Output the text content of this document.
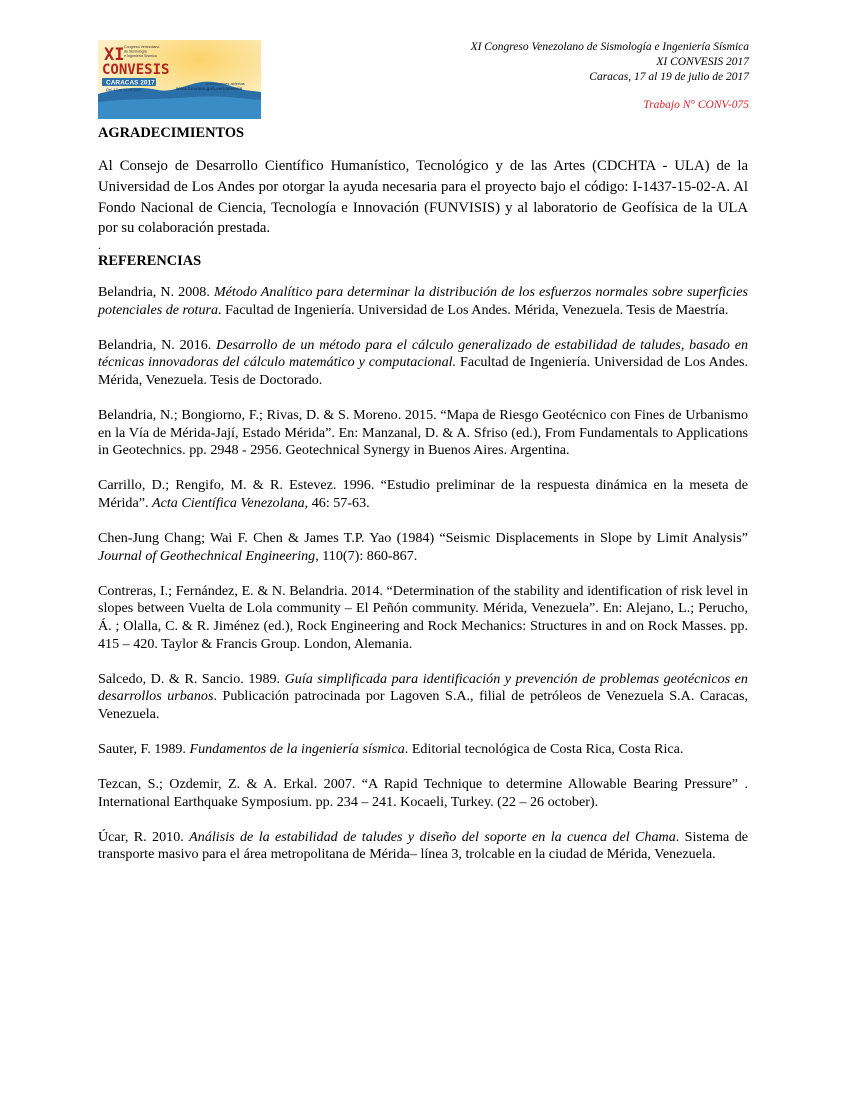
XI
CONVESIS
Congreso Venezolano
de Sismología
e Ingeniería Sísmica
CARACAS 2017
Del 17 al 19 de julio
Inscripciones abiertas
www.funvisis.gob.ve/convesis
XI Congreso Venezolano de Sismología e Ingeniería Sísmica
XI CONVESIS 2017
Caracas, 17 al 19 de julio de 2017
Trabajo N° CONV-075
AGRADECIMIENTOS

Al Consejo de Desarrollo Científico Humanístico, Tecnológico y de las Artes (CDCHTA - ULA) de la Universidad de Los Andes por otorgar la ayuda necesaria para el proyecto bajo el código: I-1437-15-02-A. Al Fondo Nacional de Ciencia, Tecnología e Innovación (FUNVISIS) y al laboratorio de Geofísica de la ULA por su colaboración prestada.

.
REFERENCIAS

Belandria, N. 2008. Método Analítico para determinar la distribución de los esfuerzos normales sobre superficies potenciales de rotura. Facultad de Ingeniería. Universidad de Los Andes. Mérida, Venezuela. Tesis de Maestría.

Belandria, N. 2016. Desarrollo de un método para el cálculo generalizado de estabilidad de taludes, basado en técnicas innovadoras del cálculo matemático y computacional. Facultad de Ingeniería. Universidad de Los Andes. Mérida, Venezuela. Tesis de Doctorado.

Belandria, N.; Bongiorno, F.; Rivas, D. & S. Moreno. 2015. “Mapa de Riesgo Geotécnico con Fines de Urbanismo en la Vía de Mérida-Jají, Estado Mérida”. En: Manzanal, D. & A. Sfriso (ed.), From Fundamentals to Applications in Geotechnics. pp. 2948 - 2956. Geotechnical Synergy in Buenos Aires. Argentina.

Carrillo, D.; Rengifo, M. & R. Estevez. 1996. “Estudio preliminar de la respuesta dinámica en la meseta de Mérida”. Acta Científica Venezolana, 46: 57-63.

Chen-Jung Chang; Wai F. Chen & James T.P. Yao (1984) “Seismic Displacements in Slope by Limit Analysis” Journal of Geothechnical Engineering, 110(7): 860-867.

Contreras, I.; Fernández, E. & N. Belandria. 2014. “Determination of the stability and identification of risk level in slopes between Vuelta de Lola community – El Peñón community. Mérida, Venezuela”. En: Alejano, L.; Perucho, Á. ; Olalla, C. & R. Jiménez (ed.), Rock Engineering and Rock Mechanics: Structures in and on Rock Masses. pp. 415 – 420. Taylor & Francis Group. London, Alemania.

Salcedo, D. & R. Sancio. 1989. Guía simplificada para identificación y prevención de problemas geotécnicos en desarrollos urbanos. Publicación patrocinada por Lagoven S.A., filial de petróleos de Venezuela S.A. Caracas, Venezuela.

Sauter, F. 1989. Fundamentos de la ingeniería sísmica. Editorial tecnológica de Costa Rica, Costa Rica.

Tezcan, S.; Ozdemir, Z. & A. Erkal. 2007. “A Rapid Technique to determine Allowable Bearing Pressure” . International Earthquake Symposium. pp. 234 – 241. Kocaeli, Turkey. (22 – 26 october).

Úcar, R. 2010. Análisis de la estabilidad de taludes y diseño del soporte en la cuenca del Chama. Sistema de transporte masivo para el área metropolitana de Mérida– línea 3, trolcable en la ciudad de Mérida, Venezuela.
